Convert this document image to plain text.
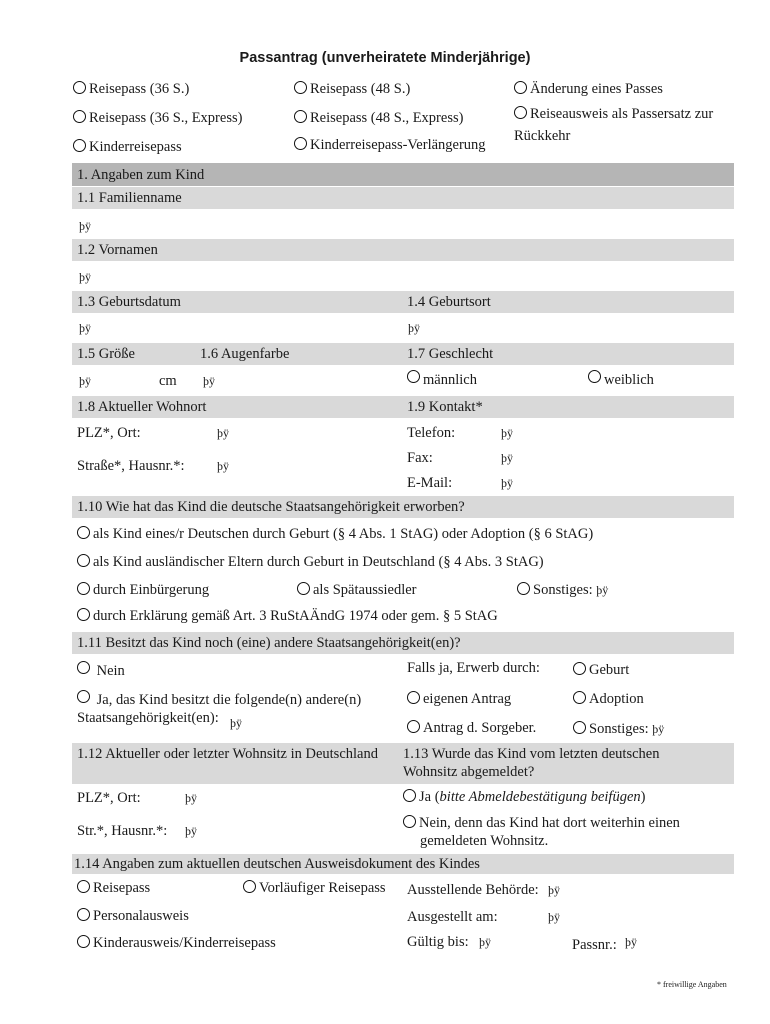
Passantrag (unverheiratete Minderjährige)
Reisepass (36 S.)	Reisepass (48 S.)	Änderung eines Passes
Reisepass (36 S., Express)	Reisepass (48 S., Express)	Reiseausweis als Passersatz zur
Rückkehr
Kinderreisepass	Kinderreisepass-Verlängerung
1. Angaben zum Kind
1.1 Familienname
þÿ
1.2 Vornamen
þÿ
1.3 Geburtsdatum	1.4 Geburtsort
þÿ	þÿ
1.5 Größe	1.6 Augenfarbe	1.7 Geschlecht
þÿ	cm þÿ	männlich	weiblich
1.8 Aktueller Wohnort	1.9 Kontakt*
PLZ*, Ort:	þÿ
Straße*, Hausnr.*:	þÿ
Telefon:	þÿ
Fax:	þÿ
E-Mail:	þÿ
1.10 Wie hat das Kind die deutsche Staatsangehörigkeit erworben?
als Kind eines/r Deutschen durch Geburt (§ 4 Abs. 1 StAG) oder Adoption (§ 6 StAG)
als Kind ausländischer Eltern durch Geburt in Deutschland (§ 4 Abs. 3 StAG)
durch Einbürgerung	als Spätaussiedler	Sonstiges: þÿ
durch Erklärung gemäß Art. 3 RuStAÄndG 1974 oder gem. § 5 StAG
1.11 Besitzt das Kind noch (eine) andere Staatsangehörigkeit(en)?
Nein
Ja, das Kind besitzt die folgende(n) andere(n)
Staatsangehörigkeit(en): þÿ
Falls ja, Erwerb durch:	Geburt
eigenen Antrag	Adoption
Antrag d. Sorgeber.	Sonstiges: þÿ
1.12 Aktueller oder letzter Wohnsitz in Deutschland 1.13 Wurde das Kind vom letzten deutschen
Wohnsitz abgemeldet?
PLZ*, Ort:	þÿ
Str.*, Hausnr.*: þÿ
Ja (bitte Abmeldebestätigung beifügen)
Nein, denn das Kind hat dort weiterhin einen
gemeldeten Wohnsitz.
1.14 Angaben zum aktuellen deutschen Ausweisdokument des Kindes
Reisepass	Vorläufiger Reisepass
Personalausweis
Kinderausweis/Kinderreisepass
Ausstellende Behörde: þÿ
Ausgestellt am:	þÿ
Gültig bis: þÿ	Passnr.: þÿ
* freiwillige Angaben
